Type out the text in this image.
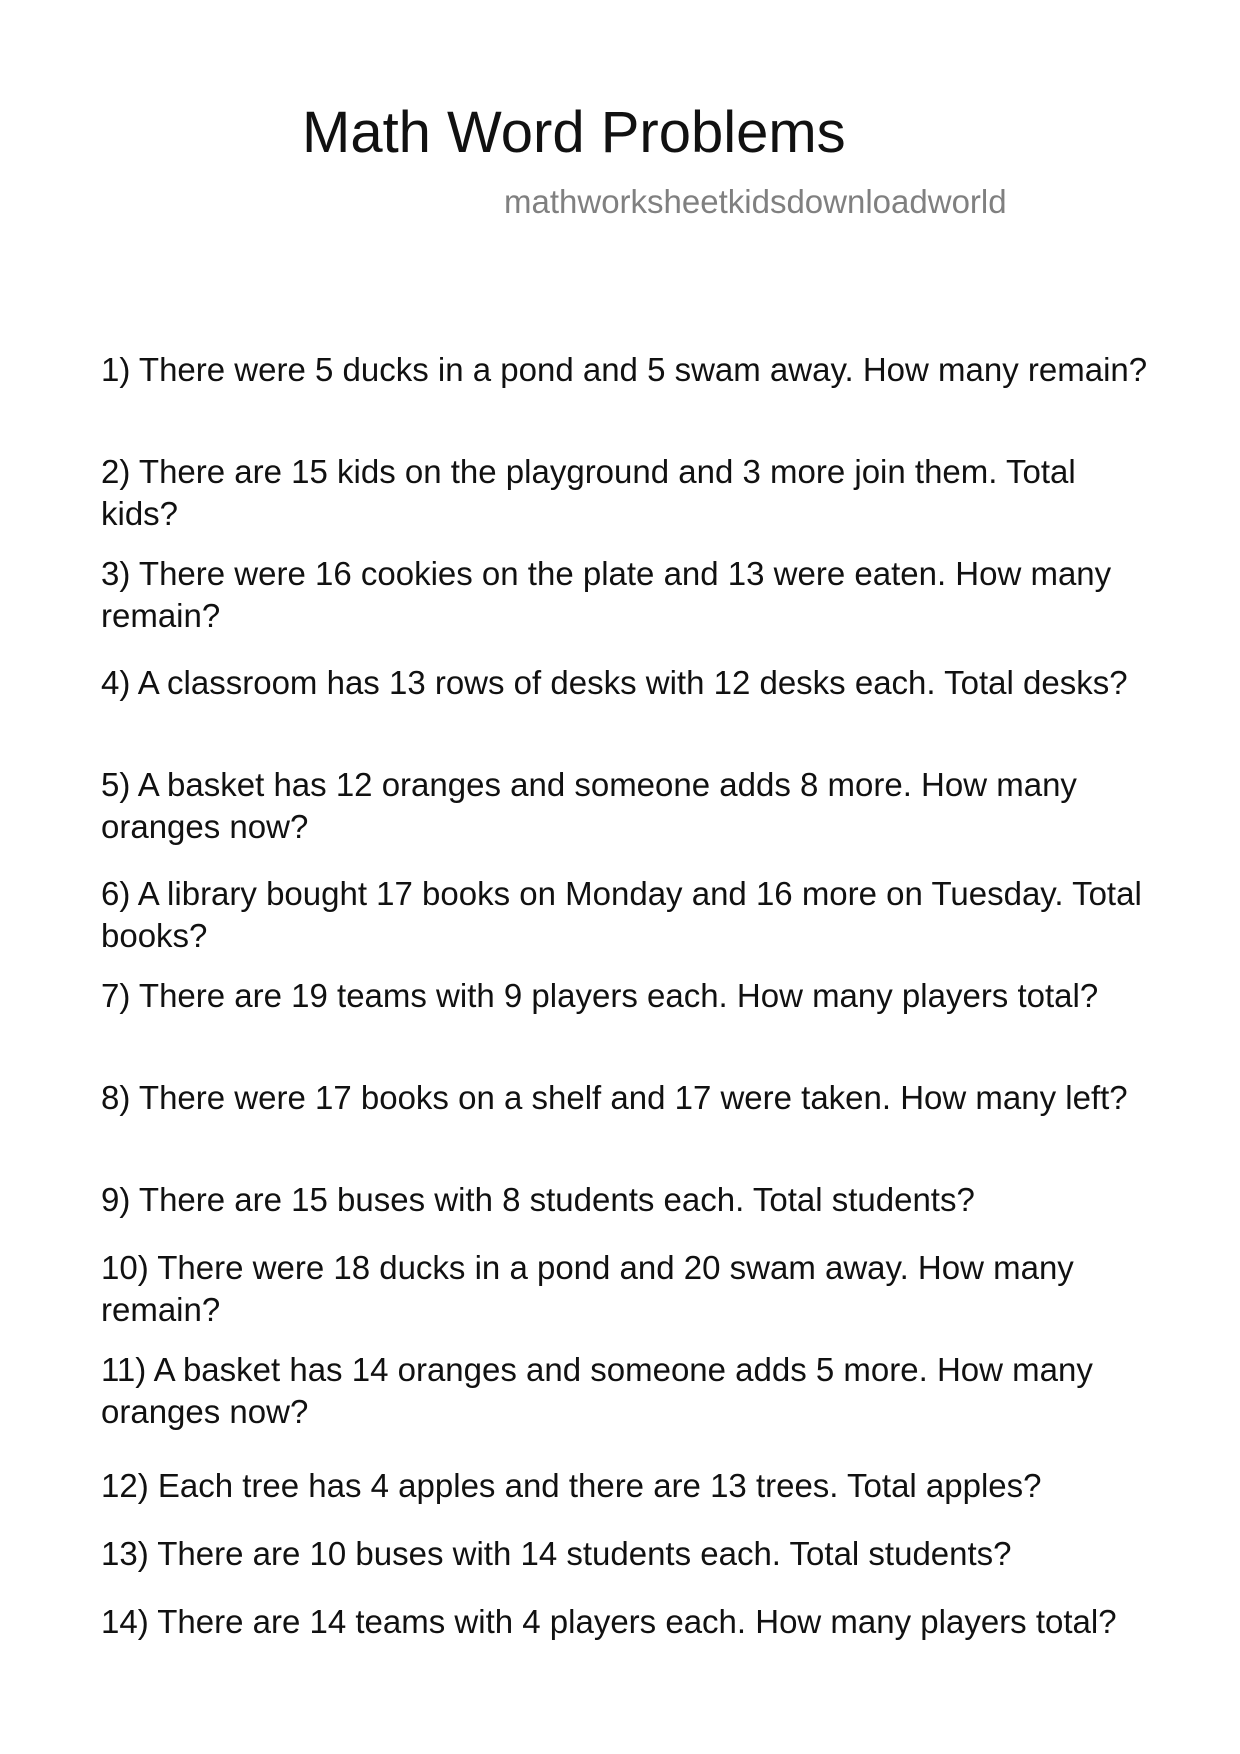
Math Word Problems

mathworksheetkidsdownloadworld

1) There were 5 ducks in a pond and 5 swam away. How many remain?

2) There are 15 kids on the playground and 3 more join them. Total kids?

3) There were 16 cookies on the plate and 13 were eaten. How many remain?

4) A classroom has 13 rows of desks with 12 desks each. Total desks?

5) A basket has 12 oranges and someone adds 8 more. How many oranges now?

6) A library bought 17 books on Monday and 16 more on Tuesday. Total books?

7) There are 19 teams with 9 players each. How many players total?

8) There were 17 books on a shelf and 17 were taken. How many left?

9) There are 15 buses with 8 students each. Total students?

10) There were 18 ducks in a pond and 20 swam away. How many remain?

11) A basket has 14 oranges and someone adds 5 more. How many oranges now?

12) Each tree has 4 apples and there are 13 trees. Total apples?

13) There are 10 buses with 14 students each. Total students?

14) There are 14 teams with 4 players each. How many players total?
